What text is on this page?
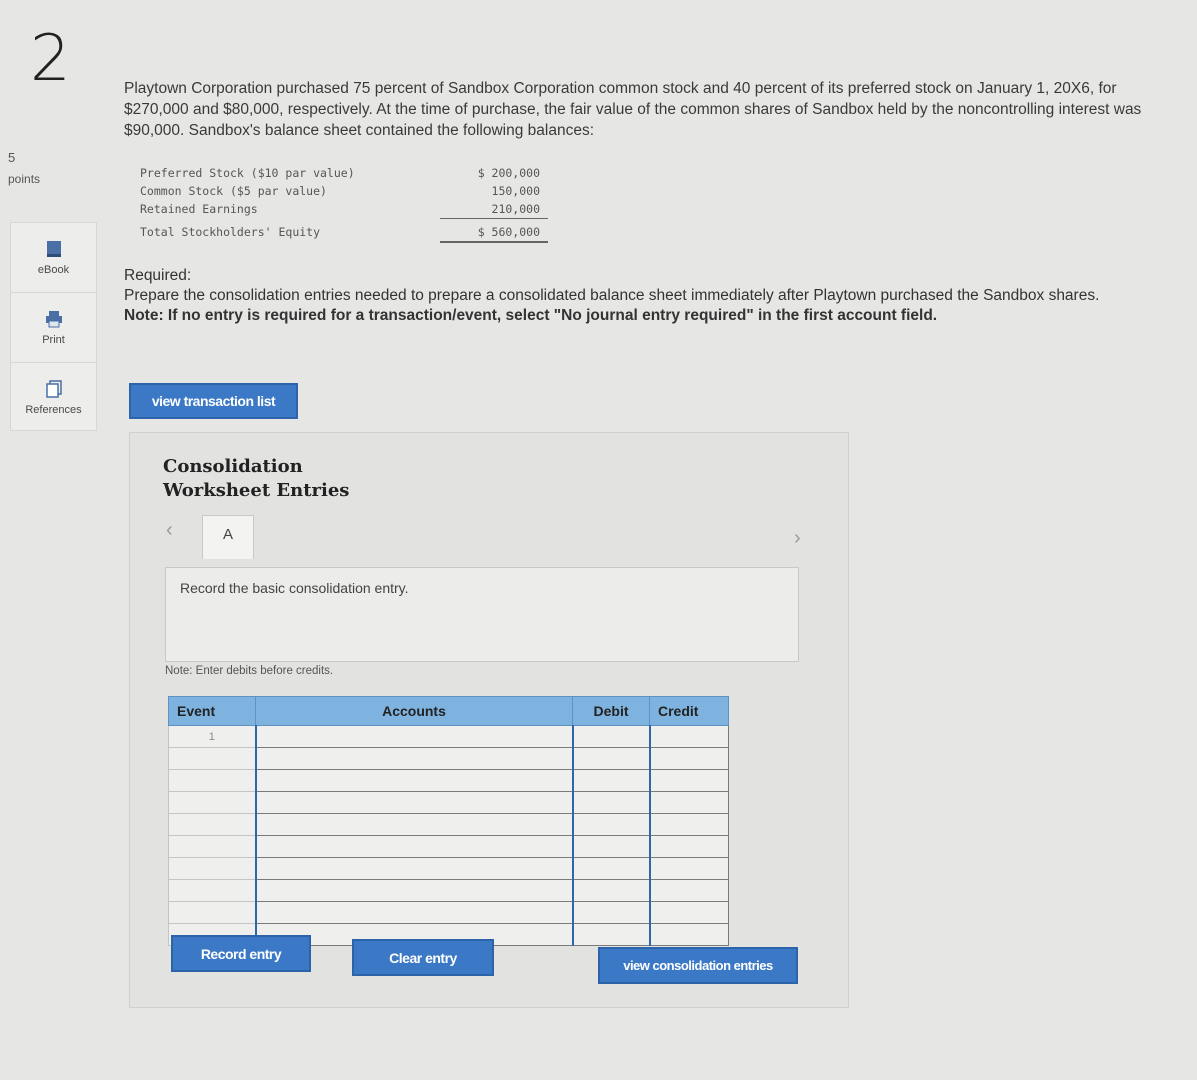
2
5
points
eBook
Print
References
Playtown Corporation purchased 75 percent of Sandbox Corporation common stock and 40 percent of its preferred stock on January 1, 20X6, for $270,000 and $80,000, respectively. At the time of purchase, the fair value of the common shares of Sandbox held by the noncontrolling interest was $90,000. Sandbox's balance sheet contained the following balances:
Preferred Stock ($10 par value)	$ 200,000
Common Stock ($5 par value)	150,000
Retained Earnings	210,000
Total Stockholders' Equity	$ 560,000
Required:
Prepare the consolidation entries needed to prepare a consolidated balance sheet immediately after Playtown purchased the Sandbox shares.
Note: If no entry is required for a transaction/event, select "No journal entry required" in the first account field.
view transaction list
Consolidation
Worksheet Entries
‹	A	›
Record the basic consolidation entry.
Note: Enter debits before credits.
Event	Accounts	Debit	Credit
1			

Record entry	Clear entry	view consolidation entries
